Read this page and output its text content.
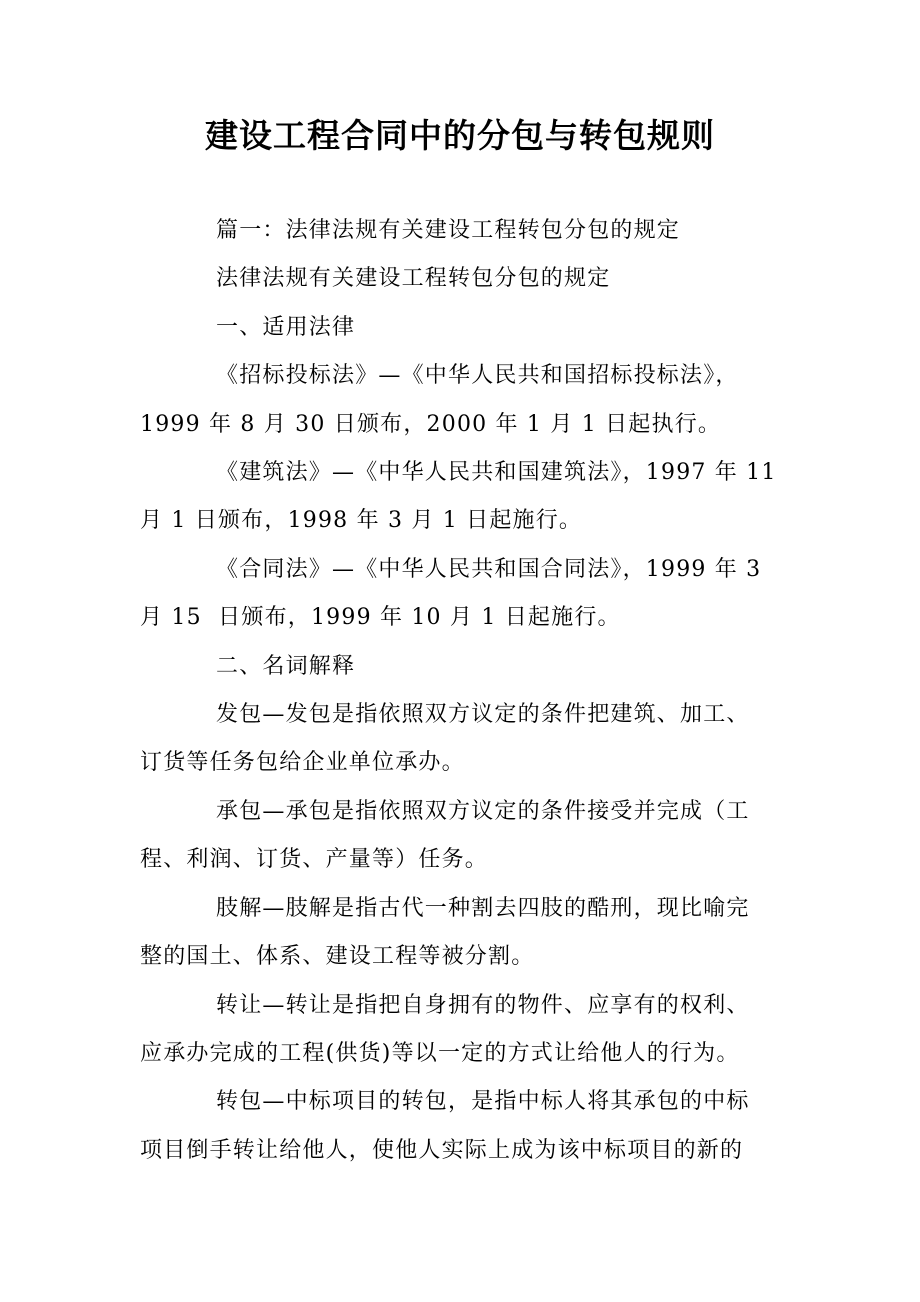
建设工程合同中的分包与转包规则
篇一：法律法规有关建设工程转包分包的规定
法律法规有关建设工程转包分包的规定
一、适用法律
《招标投标法》—《中华人民共和国招标投标法》，
1999 年 8 月 30 日颁布，2000 年 1 月 1 日起执行。
《建筑法》—《中华人民共和国建筑法》，1997 年 11
月 1 日颁布，1998 年 3 月 1 日起施行。
《合同法》—《中华人民共和国合同法》，1999 年 3
月 15  日颁布，1999 年 10 月 1 日起施行。
二、名词解释
发包—发包是指依照双方议定的条件把建筑、加工、
订货等任务包给企业单位承办。
承包—承包是指依照双方议定的条件接受并完成（工
程、利润、订货、产量等）任务。
肢解—肢解是指古代一种割去四肢的酷刑，现比喻完
整的国土、体系、建设工程等被分割。
转让—转让是指把自身拥有的物件、应享有的权利、
应承办完成的工程(供货)等以一定的方式让给他人的行为。
转包—中标项目的转包，是指中标人将其承包的中标
项目倒手转让给他人，使他人实际上成为该中标项目的新的
